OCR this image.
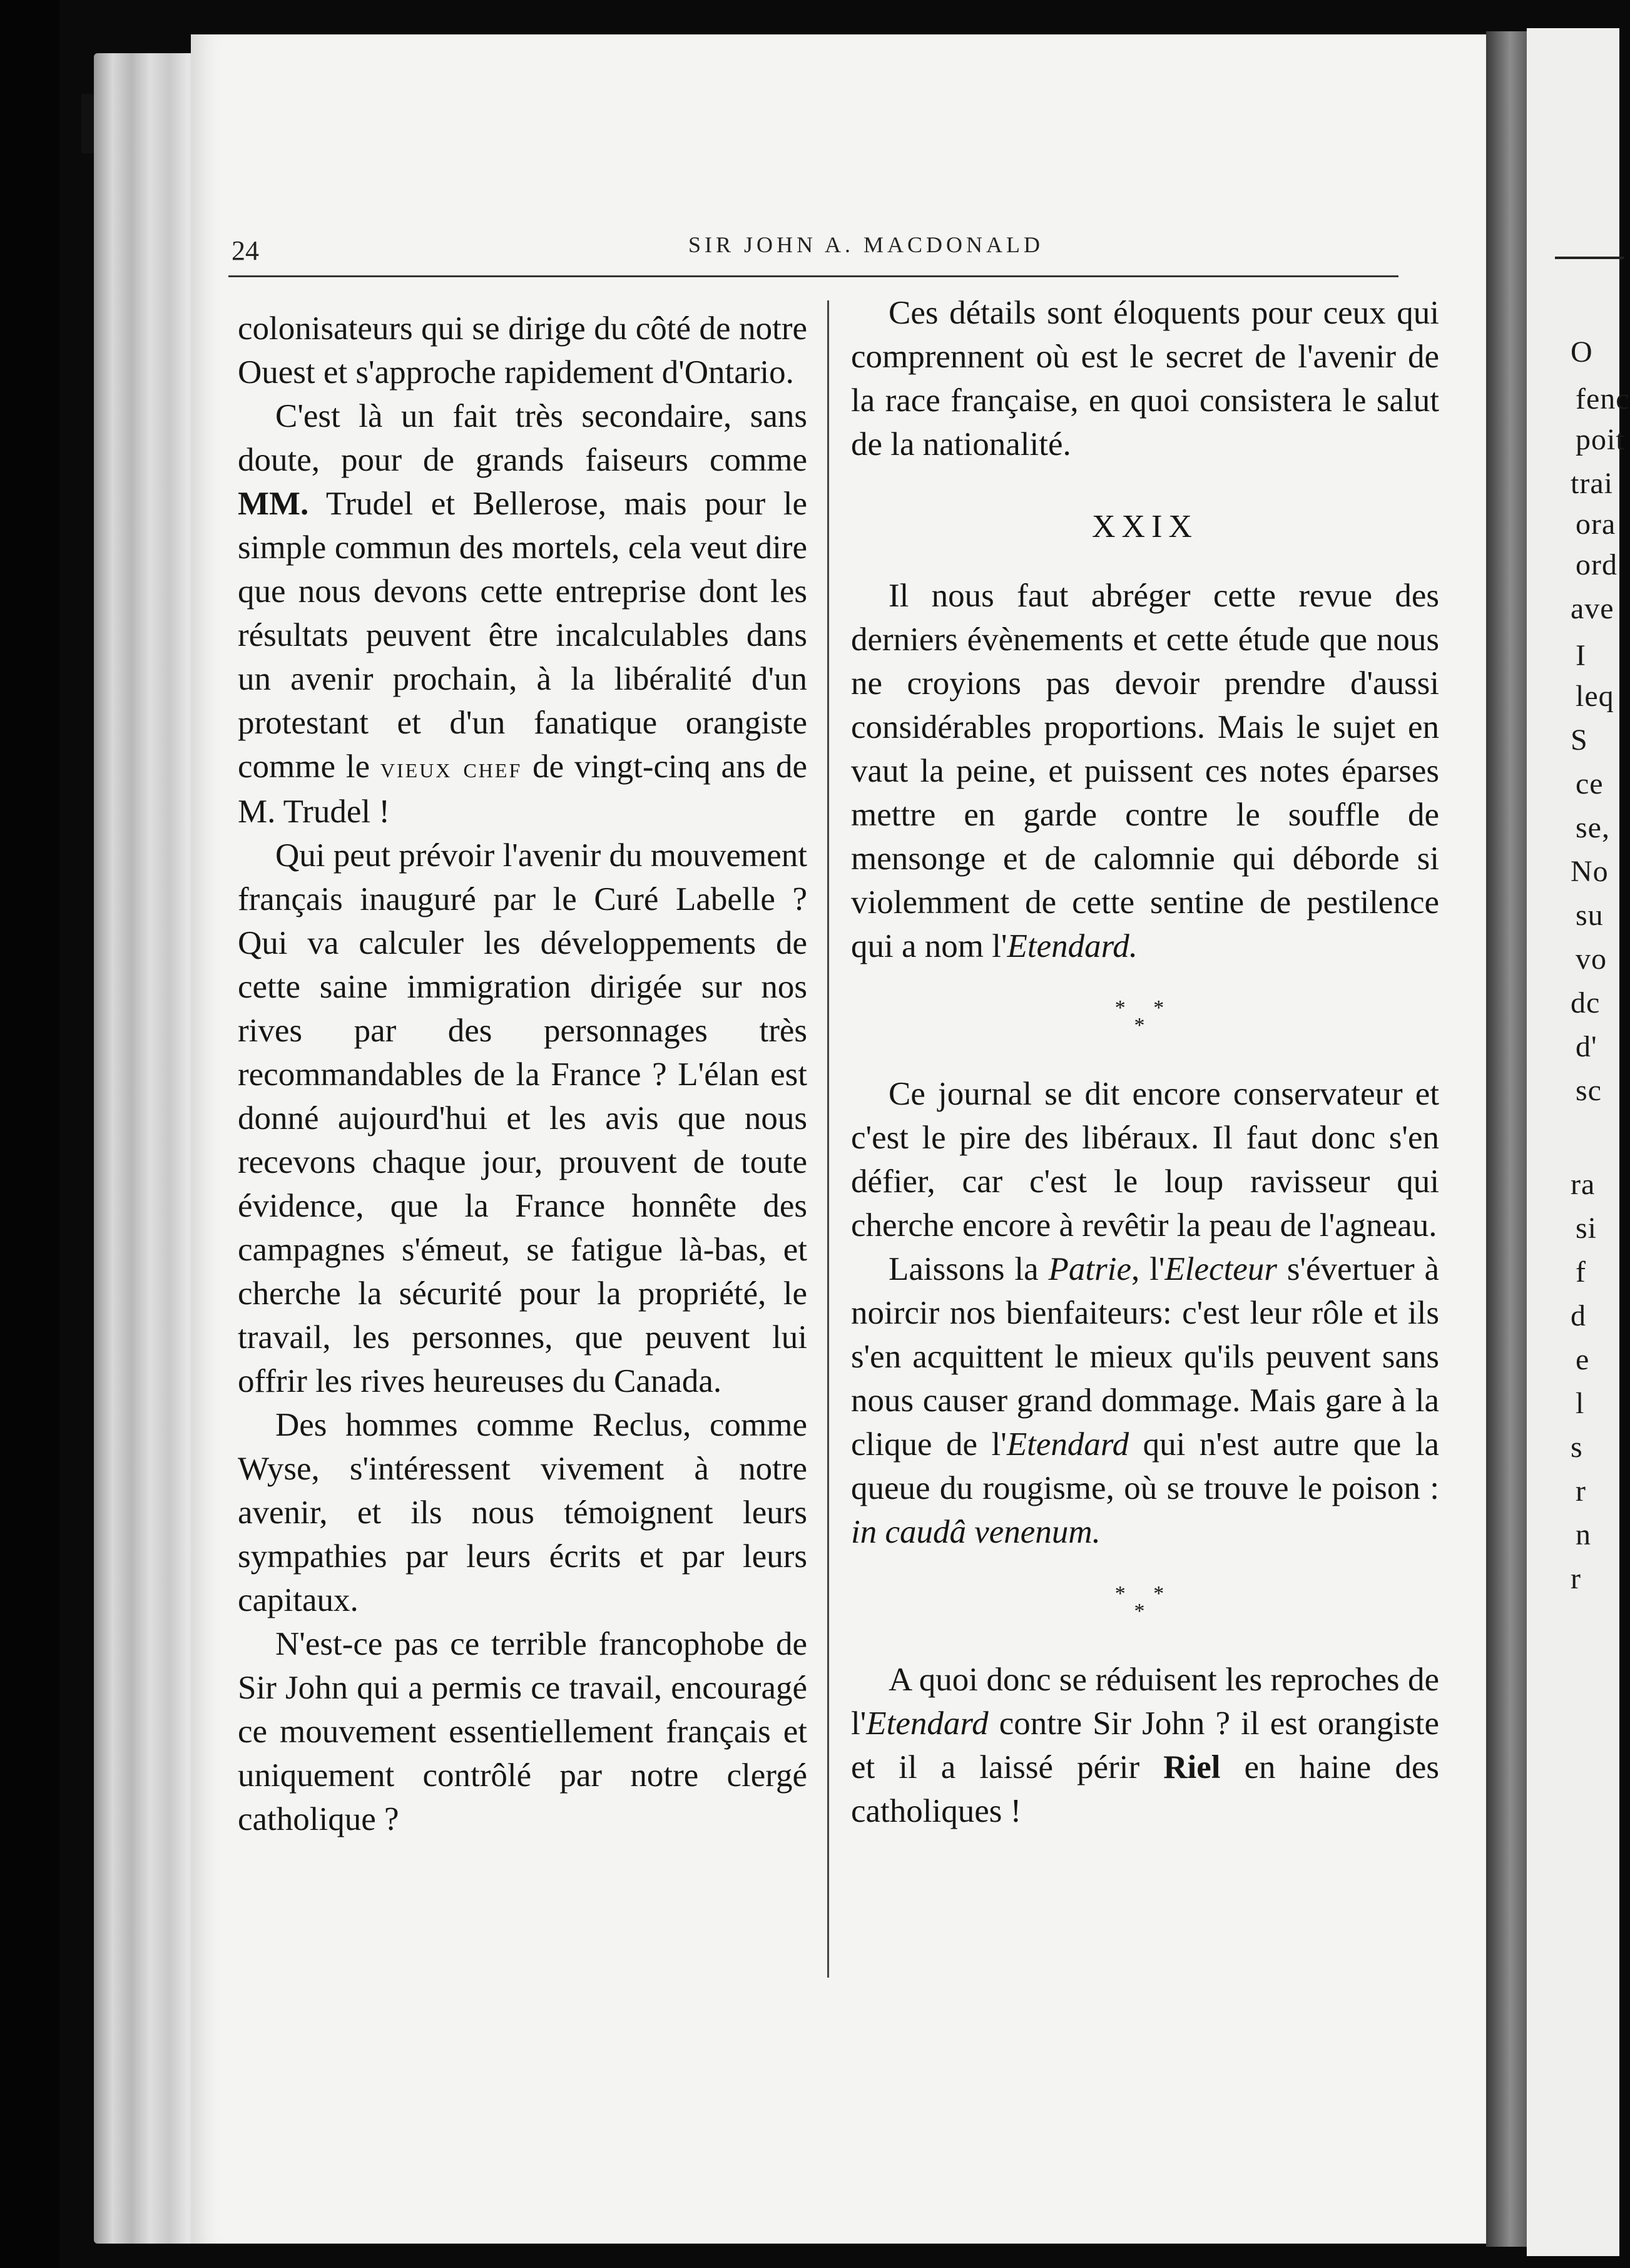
O
fenc
poit
trai
ora
ord
ave
I
leq
S
ce
se,
No
su
vo
dc
d'
sc
ra
si
f
d
e
l
s
r
n
r
24	SIR JOHN A. MACDONALD

colonisateurs qui se dirige du côté de notre Ouest et s'approche rapidement d'Ontario.

C'est là un fait très secondaire, sans doute, pour de grands faiseurs comme MM. Trudel et Bellerose, mais pour le simple commun des mortels, cela veut dire que nous devons cette entreprise dont les résultats peuvent être incalculables dans un avenir prochain, à la libéralité d'un protestant et d'un fanatique orangiste comme le vieux chef de vingt-cinq ans de M. Trudel !

Qui peut prévoir l'avenir du mouvement français inauguré par le Curé Labelle ? Qui va calculer les développements de cette saine immigration dirigée sur nos rives par des personnages très recommandables de la France ? L'élan est donné aujourd'hui et les avis que nous recevons chaque jour, prouvent de toute évidence, que la France honnête des campagnes s'émeut, se fatigue là-bas, et cherche la sécurité pour la propriété, le travail, les personnes, que peuvent lui offrir les rives heureuses du Canada.

Des hommes comme Reclus, comme Wyse, s'intéressent vivement à notre avenir, et ils nous témoignent leurs sympathies par leurs écrits et par leurs capitaux.

N'est-ce pas ce terrible francophobe de Sir John qui a permis ce travail, encouragé ce mouvement essentiellement français et uniquement contrôlé par notre clergé catholique ?

Ces détails sont éloquents pour ceux qui comprennent où est le secret de l'avenir de la race française, en quoi consistera le salut de la nationalité.

XXIX

Il nous faut abréger cette revue des derniers évènements et cette étude que nous ne croyions pas devoir prendre d'aussi considérables proportions. Mais le sujet en vaut la peine, et puissent ces notes éparses mettre en garde contre le souffle de mensonge et de calomnie qui déborde si violemment de cette sentine de pestilence qui a nom l'Etendard.

* *
*

Ce journal se dit encore conservateur et c'est le pire des libéraux. Il faut donc s'en défier, car c'est le loup ravisseur qui cherche encore à revêtir la peau de l'agneau.

Laissons la Patrie, l'Electeur s'évertuer à noircir nos bienfaiteurs: c'est leur rôle et ils s'en acquittent le mieux qu'ils peuvent sans nous causer grand dommage. Mais gare à la clique de l'Etendard qui n'est autre que la queue du rougisme, où se trouve le poison : in caudâ venenum.

* *
*

A quoi donc se réduisent les reproches de l'Etendard contre Sir John ? il est orangiste et il a laissé périr Riel en haine des catholiques !
